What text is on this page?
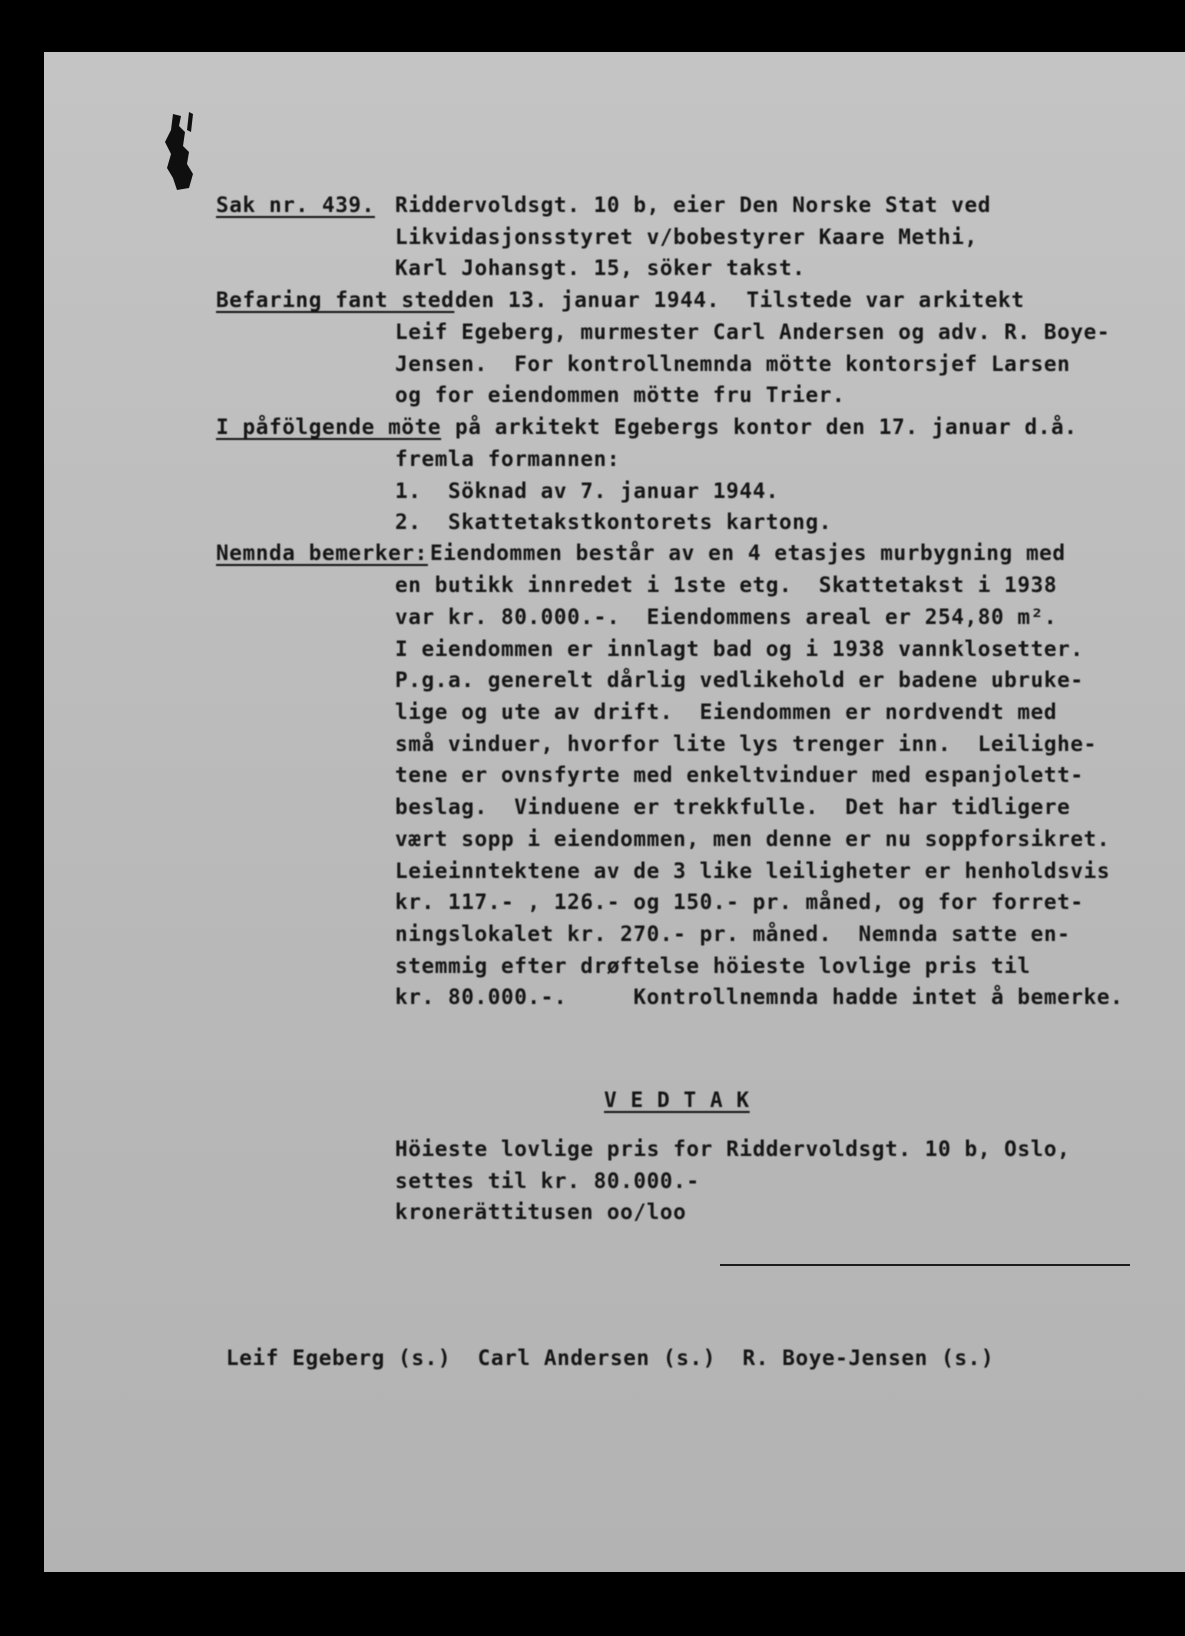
Sak nr. 439.
Befaring fant sted
I påfölgende möte
Nemnda bemerker:
Riddervoldsgt. 10 b, eier Den Norske Stat ved
Likvidasjonsstyret v/bobestyrer Kaare Methi,
Karl Johansgt. 15, söker takst.
den 13. januar 1944.  Tilstede var arkitekt
Leif Egeberg, murmester Carl Andersen og adv. R. Boye-
Jensen.  For kontrollnemnda mötte kontorsjef Larsen
og for eiendommen mötte fru Trier.
på arkitekt Egebergs kontor den 17. januar d.å.
fremla formannen:
1.  Söknad av 7. januar 1944.
2.  Skattetakstkontorets kartong.
Eiendommen består av en 4 etasjes murbygning med
en butikk innredet i 1ste etg.  Skattetakst i 1938
var kr. 80.000.-.  Eiendommens areal er 254,80 m².
I eiendommen er innlagt bad og i 1938 vannklosetter.
P.g.a. generelt dårlig vedlikehold er badene ubruke-
lige og ute av drift.  Eiendommen er nordvendt med
små vinduer, hvorfor lite lys trenger inn.  Leilighe-
tene er ovnsfyrte med enkeltvinduer med espanjolett-
beslag.  Vinduene er trekkfulle.  Det har tidligere
vært sopp i eiendommen, men denne er nu soppforsikret.
Leieinntektene av de 3 like leiligheter er henholdsvis
kr. 117.- , 126.- og 150.- pr. måned, og for forret-
ningslokalet kr. 270.- pr. måned.  Nemnda satte en-
stemmig efter drøftelse höieste lovlige pris til
kr. 80.000.-.     Kontrollnemnda hadde intet å bemerke.
V E D T A K
Höieste lovlige pris for Riddervoldsgt. 10 b, Oslo,
settes til kr. 80.000.-
kronerättitusen oo/loo
Leif Egeberg (s.)  Carl Andersen (s.)  R. Boye-Jensen (s.)
